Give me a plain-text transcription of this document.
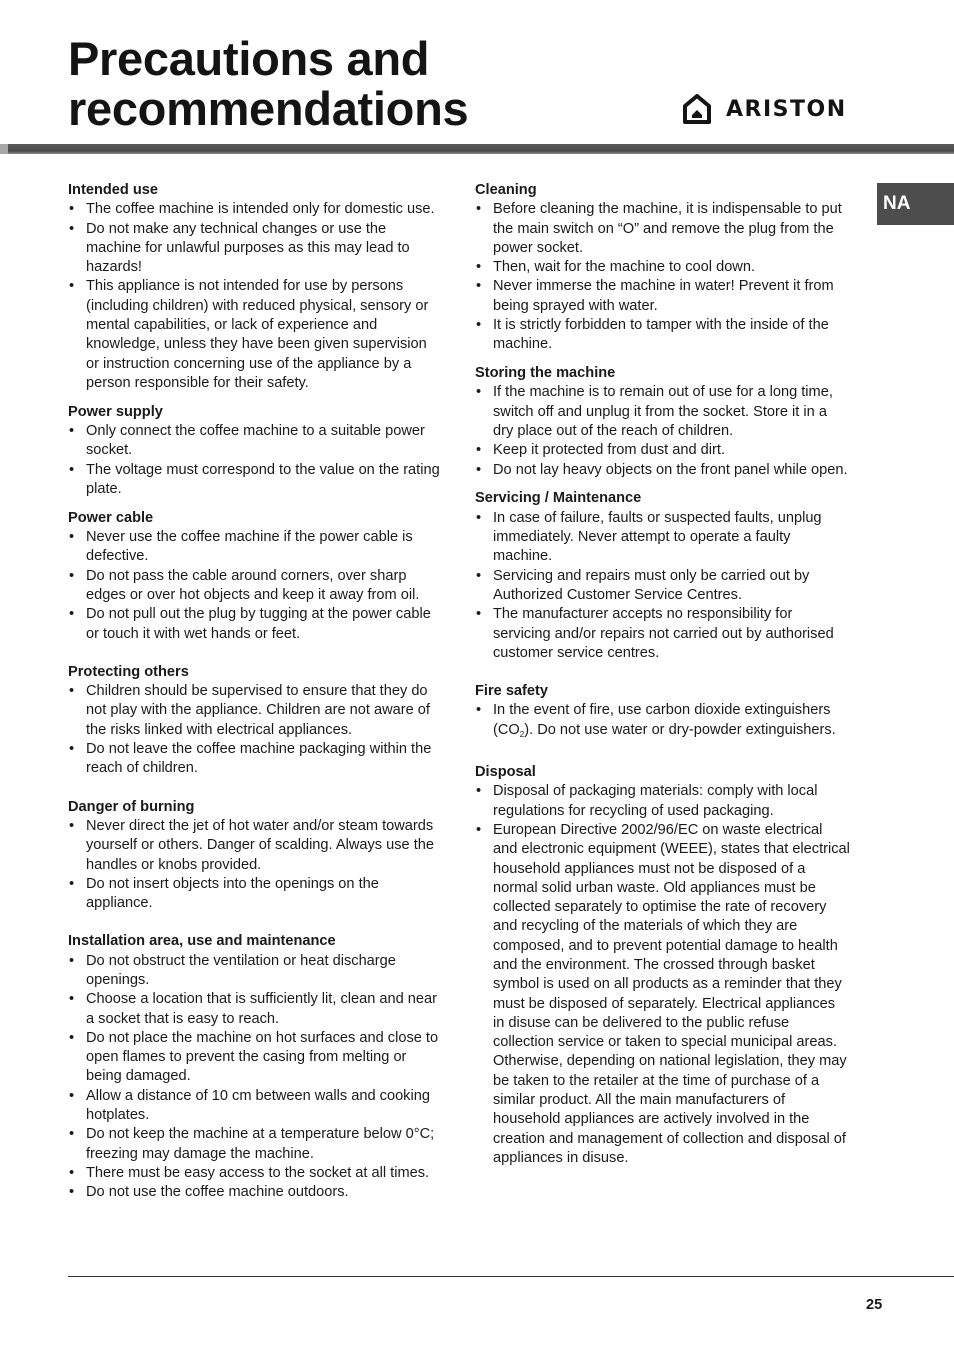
Precautions and
recommendations	ARISTON
NA
Intended use
• The coffee machine is intended only for domestic use.
• Do not make any technical changes or use the machine for unlawful purposes as this may lead to hazards!
• This appliance is not intended for use by persons (including children) with reduced physical, sensory or mental capabilities, or lack of experience and knowledge, unless they have been given supervision or instruction concerning use of the appliance by a person responsible for their safety.
Power supply
• Only connect the coffee machine to a suitable power socket.
• The voltage must correspond to the value on the rating plate.
Power cable
• Never use the coffee machine if the power cable is defective.
• Do not pass the cable around corners, over sharp edges or over hot objects and keep it away from oil.
• Do not pull out the plug by tugging at the power cable or touch it with wet hands or feet.
Protecting others
• Children should be supervised to ensure that they do not play with the appliance. Children are not aware of the risks linked with electrical appliances.
• Do not leave the coffee machine packaging within the reach of children.
Danger of burning
• Never direct the jet of hot water and/or steam towards yourself or others. Danger of scalding. Always use the handles or knobs provided.
• Do not insert objects into the openings on the appliance.
Installation area, use and maintenance
• Do not obstruct the ventilation or heat discharge openings.
• Choose a location that is sufficiently lit, clean and near a socket that is easy to reach.
• Do not place the machine on hot surfaces and close to open flames to prevent the casing from melting or being damaged.
• Allow a distance of 10 cm between walls and cooking hotplates.
• Do not keep the machine at a temperature below 0°C; freezing may damage the machine.
• There must be easy access to the socket at all times.
• Do not use the coffee machine outdoors.
Cleaning
• Before cleaning the machine, it is indispensable to put the main switch on “O” and remove the plug from the power socket.
• Then, wait for the machine to cool down.
• Never immerse the machine in water! Prevent it from being sprayed with water.
• It is strictly forbidden to tamper with the inside of the machine.
Storing the machine
• If the machine is to remain out of use for a long time, switch off and unplug it from the socket. Store it in a dry place out of the reach of children.
• Keep it protected from dust and dirt.
• Do not lay heavy objects on the front panel while open.
Servicing / Maintenance
• In case of failure, faults or suspected faults, unplug immediately. Never attempt to operate a faulty machine.
• Servicing and repairs must only be carried out by Authorized Customer Service Centres.
• The manufacturer accepts no responsibility for servicing and/or repairs not carried out by authorised customer service centres.
Fire safety
• In the event of fire, use carbon dioxide extinguishers $(CO_2)$. Do not use water or dry-powder extinguishers.
Disposal
• Disposal of packaging materials: comply with local regulations for recycling of used packaging.
• European Directive 2002/96/EC on waste electrical and electronic equipment (WEEE), states that electrical household appliances must not be disposed of a normal solid urban waste. Old appliances must be collected separately to optimise the rate of recovery and recycling of the materials of which they are composed, and to prevent potential damage to health and the environment. The crossed through basket symbol is used on all products as a reminder that they must be disposed of separately. Electrical appliances in disuse can be delivered to the public refuse collection service or taken to special municipal areas. Otherwise, depending on national legislation, they may be taken to the retailer at the time of purchase of a similar product. All the main manufacturers of household appliances are actively involved in the creation and management of collection and disposal of appliances in disuse.
25
